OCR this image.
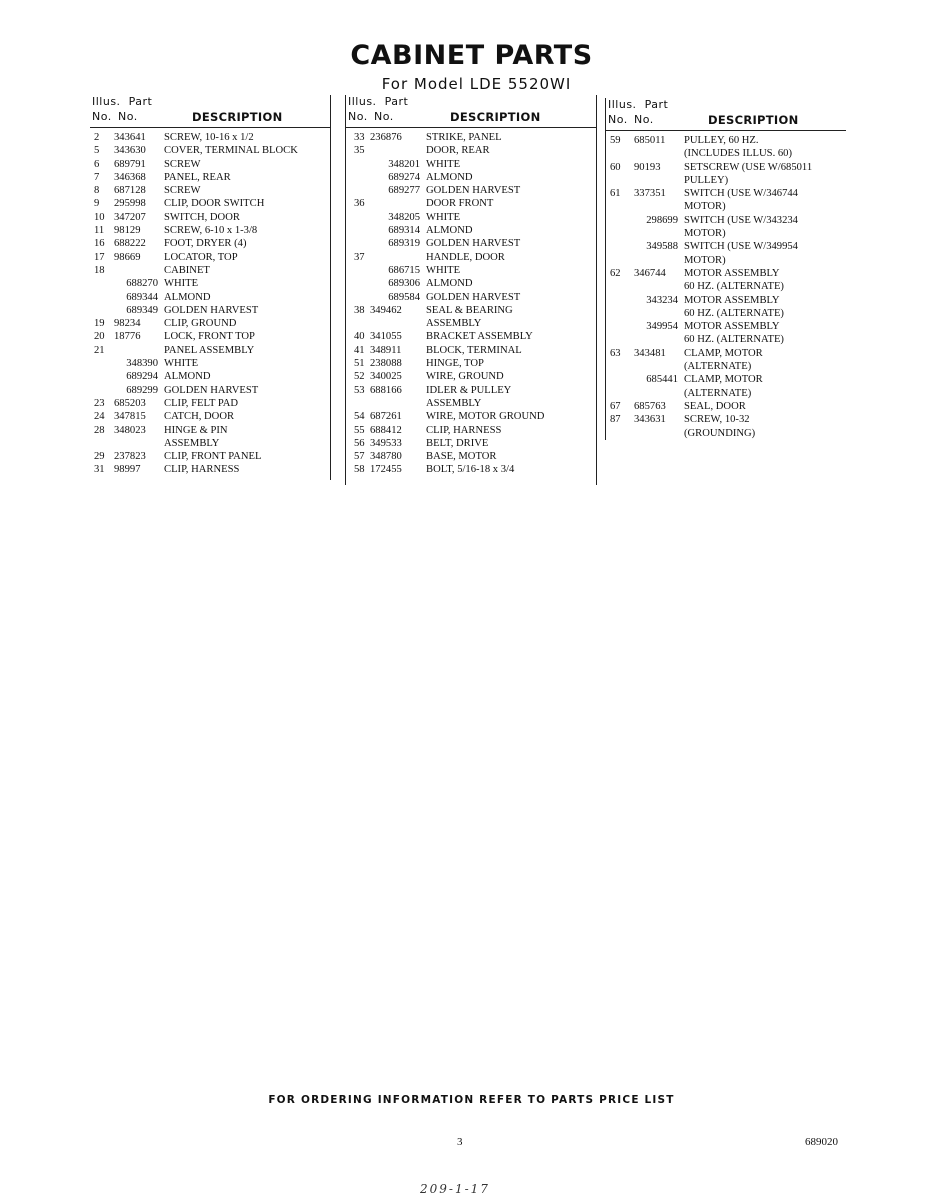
CABINET PARTS
For Model LDE 5520WI
Illus. Part
No. No.	DESCRIPTION
2	343641	SCREW, 10-16 x 1/2
5	343630	COVER, TERMINAL BLOCK
6	689791	SCREW
7	346368	PANEL, REAR
8	687128	SCREW
9	295998	CLIP, DOOR SWITCH
10 347207	SWITCH, DOOR
11 98129	SCREW, 6-10 x 1-3/8
16 688222	FOOT, DRYER (4)
17 98669	LOCATOR, TOP
18	CABINET
688270 WHITE
689344 ALMOND
689349 GOLDEN HARVEST
19 98234	CLIP, GROUND
20 18776	LOCK, FRONT TOP
21	PANEL ASSEMBLY
348390 WHITE
689294 ALMOND
689299 GOLDEN HARVEST
23 685203	CLIP, FELT PAD
24 347815	CATCH, DOOR
28 348023	HINGE & PIN
ASSEMBLY
29 237823	CLIP, FRONT PANEL
31 98997	CLIP, HARNESS
Illus. Part
No. No.	DESCRIPTION
33 236876	STRIKE, PANEL
35	DOOR, REAR
348201 WHITE
689274 ALMOND
689277 GOLDEN HARVEST
36	DOOR FRONT
348205 WHITE
689314 ALMOND
689319 GOLDEN HARVEST
37	HANDLE, DOOR
686715 WHITE
689306 ALMOND
689584 GOLDEN HARVEST
38 349462	SEAL & BEARING
ASSEMBLY
40 341055	BRACKET ASSEMBLY
41 348911	BLOCK, TERMINAL
51 238088	HINGE, TOP
52 340025	WIRE, GROUND
53 688166	IDLER & PULLEY
ASSEMBLY
54 687261	WIRE, MOTOR GROUND
55 688412	CLIP, HARNESS
56 349533	BELT, DRIVE
57 348780	BASE, MOTOR
58 172455	BOLT, 5/16-18 x 3/4
Illus. Part
No. No.	DESCRIPTION
59	685011	PULLEY, 60 HZ.
(INCLUDES ILLUS. 60)
60	90193	SETSCREW (USE W/685011
PULLEY)
61	337351	SWITCH (USE W/346744
MOTOR)
298699 SWITCH (USE W/343234
MOTOR)
349588 SWITCH (USE W/349954
MOTOR)
62	346744	MOTOR ASSEMBLY
60 HZ. (ALTERNATE)
343234 MOTOR ASSEMBLY
60 HZ. (ALTERNATE)
349954 MOTOR ASSEMBLY
60 HZ. (ALTERNATE)
63	343481	CLAMP, MOTOR
(ALTERNATE)
685441 CLAMP, MOTOR
(ALTERNATE)
67	685763	SEAL, DOOR
87	343631	SCREW, 10-32
(GROUNDING)
FOR ORDERING INFORMATION REFER TO PARTS PRICE LIST
3	689020
209-1-17
